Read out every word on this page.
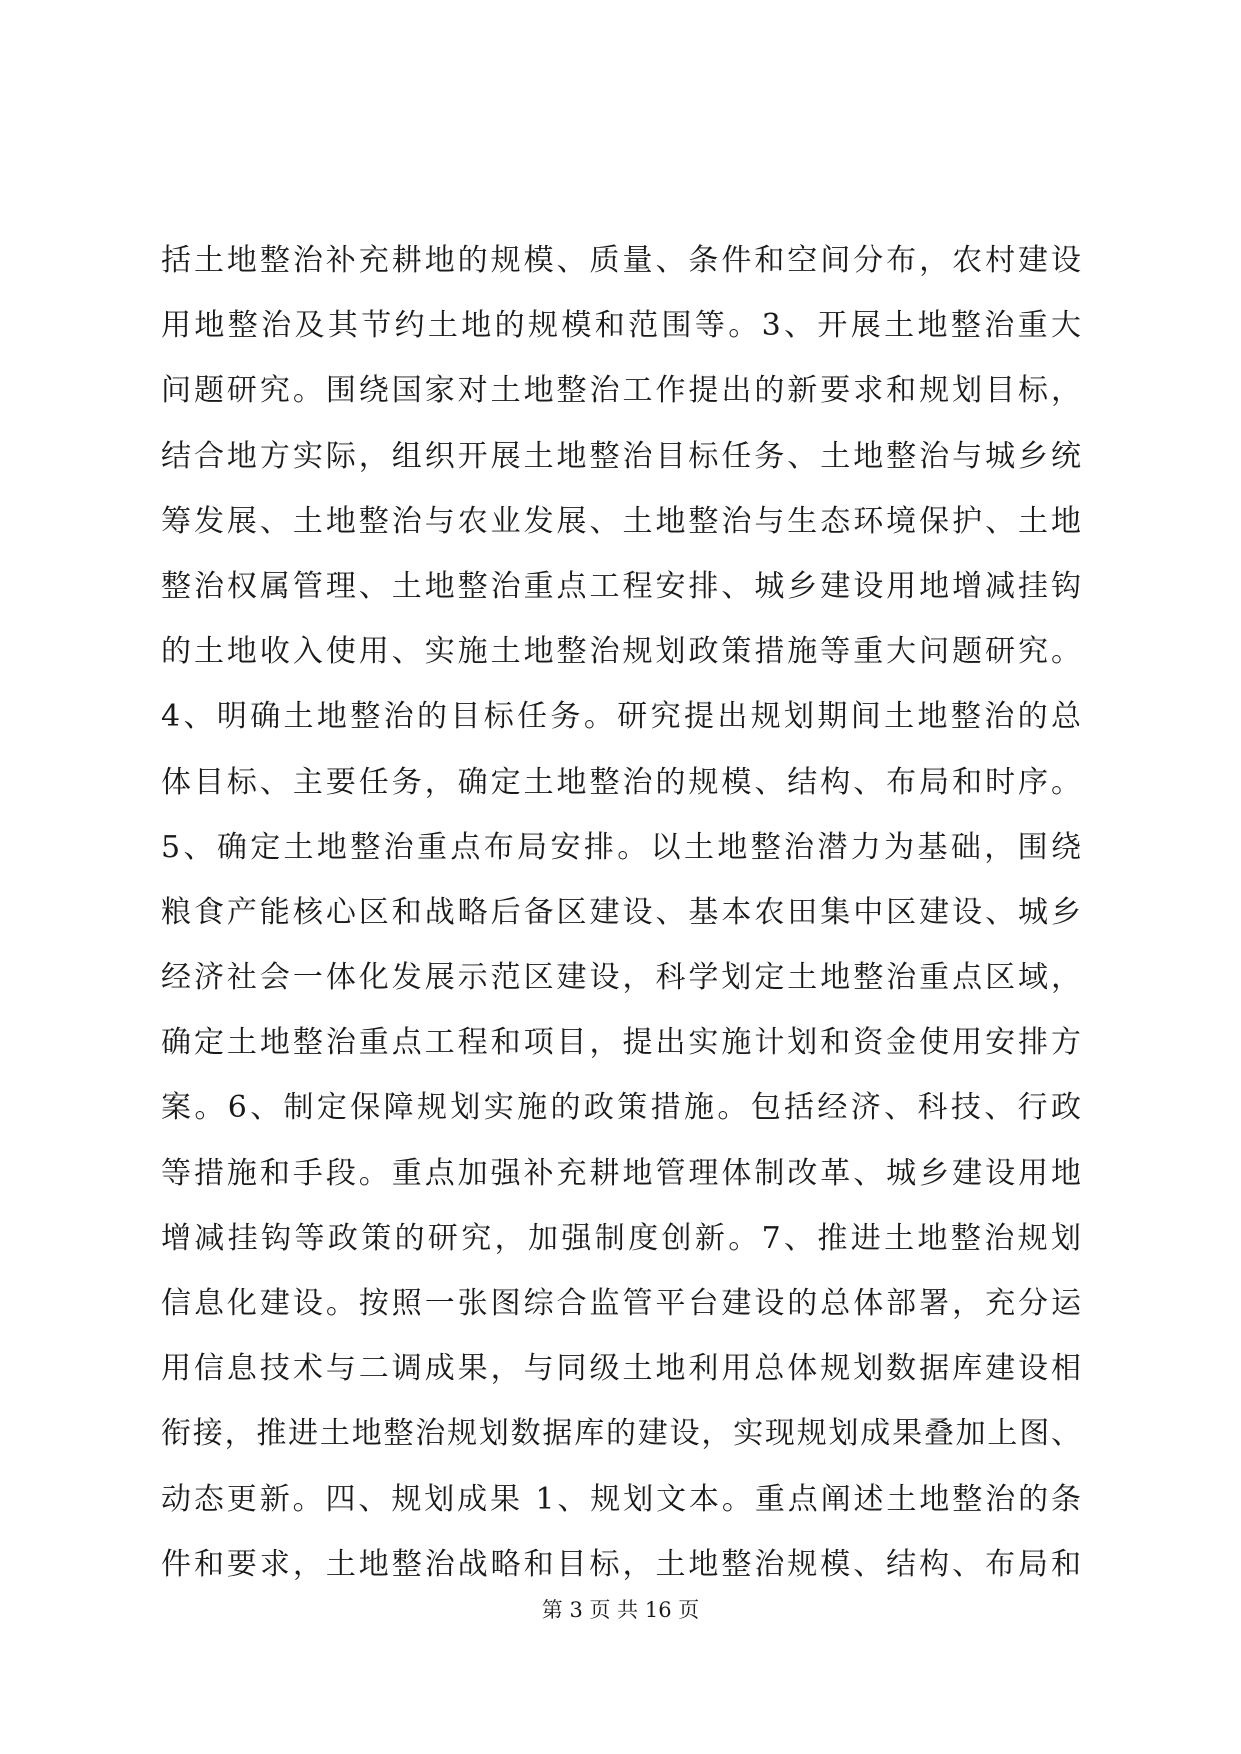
括土地整治补充耕地的规模、质量、条件和空间分布，农村建设
用地整治及其节约土地的规模和范围等。3、开展土地整治重大
问题研究。围绕国家对土地整治工作提出的新要求和规划目标，
结合地方实际，组织开展土地整治目标任务、土地整治与城乡统
筹发展、土地整治与农业发展、土地整治与生态环境保护、土地
整治权属管理、土地整治重点工程安排、城乡建设用地增减挂钩
的土地收入使用、实施土地整治规划政策措施等重大问题研究。
4、明确土地整治的目标任务。研究提出规划期间土地整治的总
体目标、主要任务，确定土地整治的规模、结构、布局和时序。
5、确定土地整治重点布局安排。以土地整治潜力为基础，围绕
粮食产能核心区和战略后备区建设、基本农田集中区建设、城乡
经济社会一体化发展示范区建设，科学划定土地整治重点区域，
确定土地整治重点工程和项目，提出实施计划和资金使用安排方
案。6、制定保障规划实施的政策措施。包括经济、科技、行政
等措施和手段。重点加强补充耕地管理体制改革、城乡建设用地
增减挂钩等政策的研究，加强制度创新。7、推进土地整治规划
信息化建设。按照一张图综合监管平台建设的总体部署，充分运
用信息技术与二调成果，与同级土地利用总体规划数据库建设相
衔接，推进土地整治规划数据库的建设，实现规划成果叠加上图、
动态更新。四、规划成果 1、规划文本。重点阐述土地整治的条
件和要求，土地整治战略和目标，土地整治规模、结构、布局和
第 3 页 共 16 页
